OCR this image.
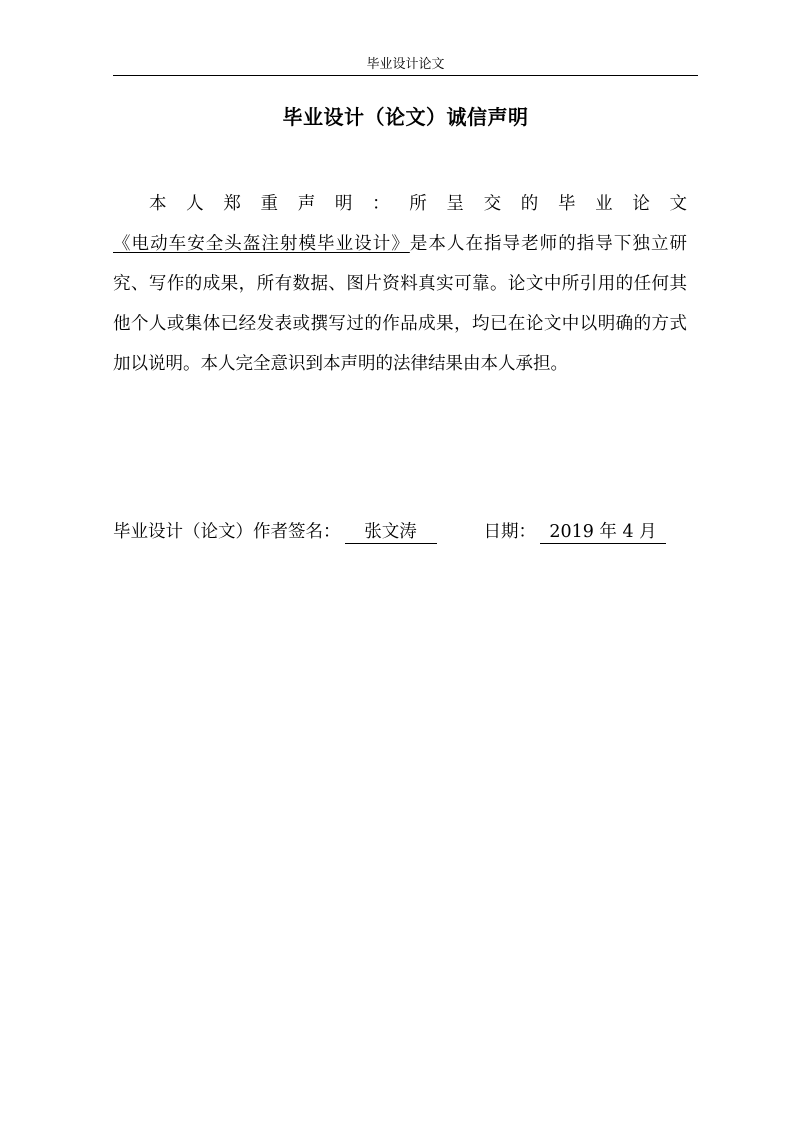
毕业设计论文
毕业设计（论文）诚信声明

本人郑重声明：所呈交的毕业论文《电动车安全头盔注射模毕业设计》是本人在指导老师的指导下独立研究、写作的成果，所有数据、图片资料真实可靠。论文中所引用的任何其他个人或集体已经发表或撰写过的作品成果，均已在论文中以明确的方式加以说明。本人完全意识到本声明的法律结果由本人承担。

毕业设计（论文）作者签名： 张文涛	日期： 2019 年 4 月
